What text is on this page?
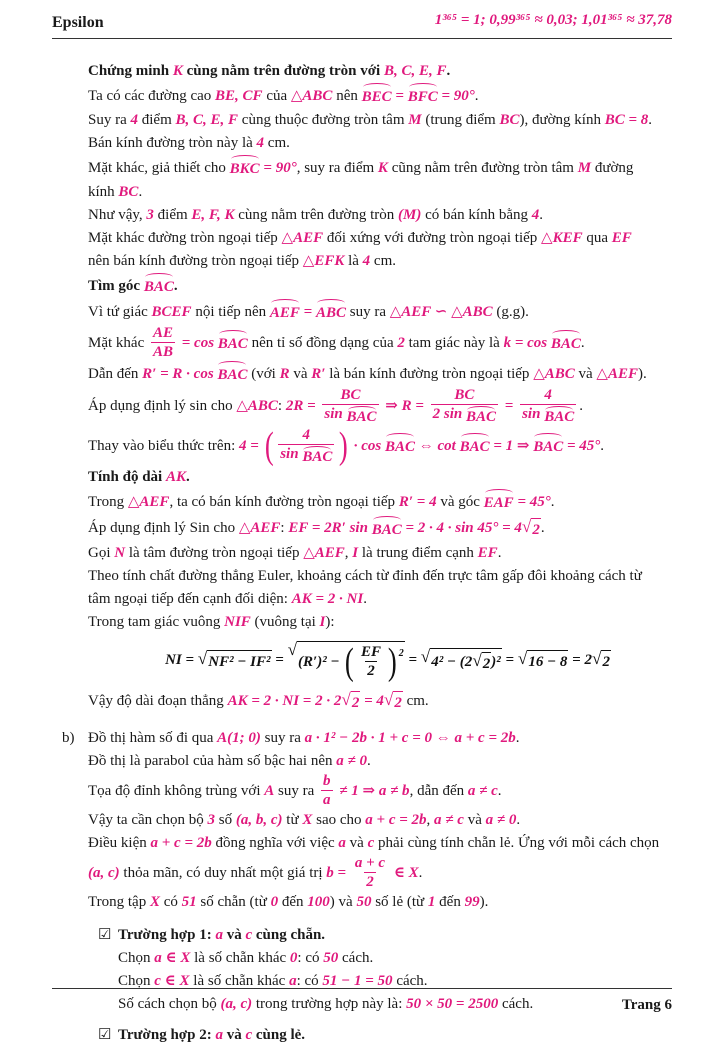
Epsilon	1³⁶⁵ = 1; 0,99³⁶⁵ ≈ 0,03; 1,01³⁶⁵ ≈ 37,78
Chứng minh K cùng nằm trên đường tròn với B, C, E, F .
Ta có các đường cao BE, CF của △ABC nên BEC = BFC = 90° .
Suy ra 4 điểm B, C, E, F cùng thuộc đường tròn tâm M (trung điểm BC ), đường kính BC = 8 .
Bán kính đường tròn này là 4 cm.
Mặt khác, giả thiết cho BKC = 90° , suy ra điểm K cũng nằm trên đường tròn tâm M đường
kính BC .
Như vậy, 3 điểm E, F, K cùng nằm trên đường tròn (M) có bán kính bằng 4 .
Mặt khác đường tròn ngoại tiếp △AEF đối xứng với đường tròn ngoại tiếp △KEF qua EF
nên bán kính đường tròn ngoại tiếp △EFK là 4 cm.
Tìm góc BAC .
Vì tứ giác BCEF nội tiếp nên AEF = ABC suy ra △AEF ∽ △ABC (g.g).
Mặt khác $\frac{AE}{AB} = \cos$ BAC nên tỉ số đồng dạng của 2 tam giác này là k = cos BAC .
Dẫn đến R′ = R · cos BAC (với R và R′ là bán kính đường tròn ngoại tiếp △ABC và △AEF ).
Áp dụng định lý sin cho △ABC : $2R = \frac{BC}{\text{sin BAC}}$ ⇒ $R = \frac{BC}{\text{2 sin BAC}} = \frac{4}{\text{sin BAC}}$ .
Thay vào biểu thức trên: 4 = ( $\frac{4}{\text{sin BAC}}$ ) · cos BAC ⇔ cot BAC = 1 ⇒ BAC = 45° .
Tính độ dài AK .
Trong △AEF , ta có bán kính đường tròn ngoại tiếp R′ = 4 và góc EAF = 45° .
Áp dụng định lý Sin cho △AEF : EF = 2R′ sin BAC = 2 · 4 · sin 45° = 4 √ 2 .
Gọi N là tâm đường tròn ngoại tiếp △AEF , I là trung điểm cạnh EF .
Theo tính chất đường thẳng Euler, khoảng cách từ đỉnh đến trực tâm gấp đôi khoảng cách từ
tâm ngoại tiếp đến cạnh đối diện: AK = 2 · NI .
Trong tam giác vuông NIF (vuông tại I ):
NI = √ NF² − IF² =
√
(R′)² − ( $\frac{EF}{2}$ ) 2 = √ 4² − (2 √ 2 )² = √ 16 − 8 = 2 √ 2
Vậy độ dài đoạn thẳng AK = 2 · NI = 2 · 2 √ 2 = 4 √ 2 cm.
b) Đồ thị hàm số đi qua A(1; 0) suy ra a · 1² − 2b · 1 + c = 0 ⇔ a + c = 2b .
Đồ thị là parabol của hàm số bậc hai nên a ≠ 0 .
Tọa độ đỉnh không trùng với A suy ra $\frac{b}{a} \ne 1$ ⇒ a ≠ b , dẫn đến a ≠ c .
Vậy ta cần chọn bộ 3 số (a, b, c) từ X sao cho a + c = 2b , a ≠ c và a ≠ 0 .
Điều kiện a + c = 2b đồng nghĩa với việc a và c phải cùng tính chẵn lẻ. Ứng với mỗi cách chọn
(a, c) thỏa mãn, có duy nhất một giá trị $b = \frac{a + c}{2}$ ∈ X .
Trong tập X có 51 số chẵn (từ 0 đến 100 ) và 50 số lẻ (từ 1 đến 99 ).
☑ Trường hợp 1: a và c cùng chẵn.
Chọn a ∈ X là số chẵn khác 0 : có 50 cách.
Chọn c ∈ X là số chẵn khác a : có 51 − 1 = 50 cách.
Số cách chọn bộ (a, c) trong trường hợp này là: 50 × 50 = 2500 cách.
☑ Trường hợp 2: a và c cùng lẻ.
Trang 6
